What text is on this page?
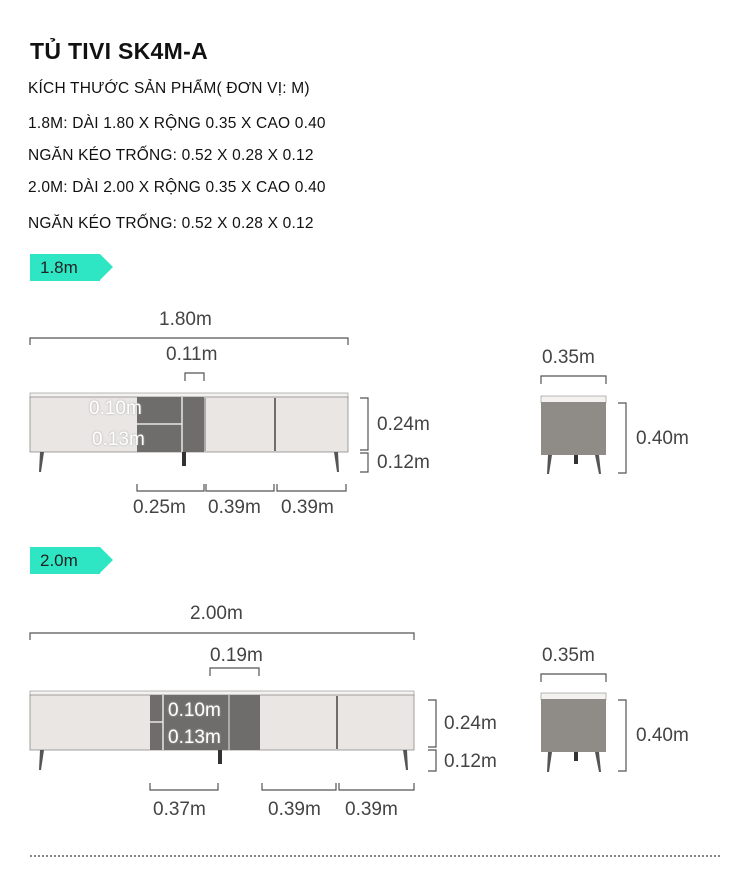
TỦ TIVI SK4M-A
KÍCH THƯỚC SẢN PHẨM( ĐƠN VỊ: M)
1.8M: DÀI 1.80 X RỘNG 0.35 X CAO 0.40
NGĂN KÉO TRỐNG: 0.52 X 0.28 X 0.12
2.0M: DÀI 2.00 X RỘNG 0.35 X CAO 0.40
NGĂN KÉO TRỐNG: 0.52 X 0.28 X 0.12
1.8m
2.0m
1.80m
0.11m
0.10m
0.13m
0.24m
0.12m
0.25m 0.39m 0.39m
0.35m
0.40m
2.00m
0.19m
0.10m
0.13m
0.24m
0.12m
0.37m	0.39m 0.39m
0.35m
0.40m
